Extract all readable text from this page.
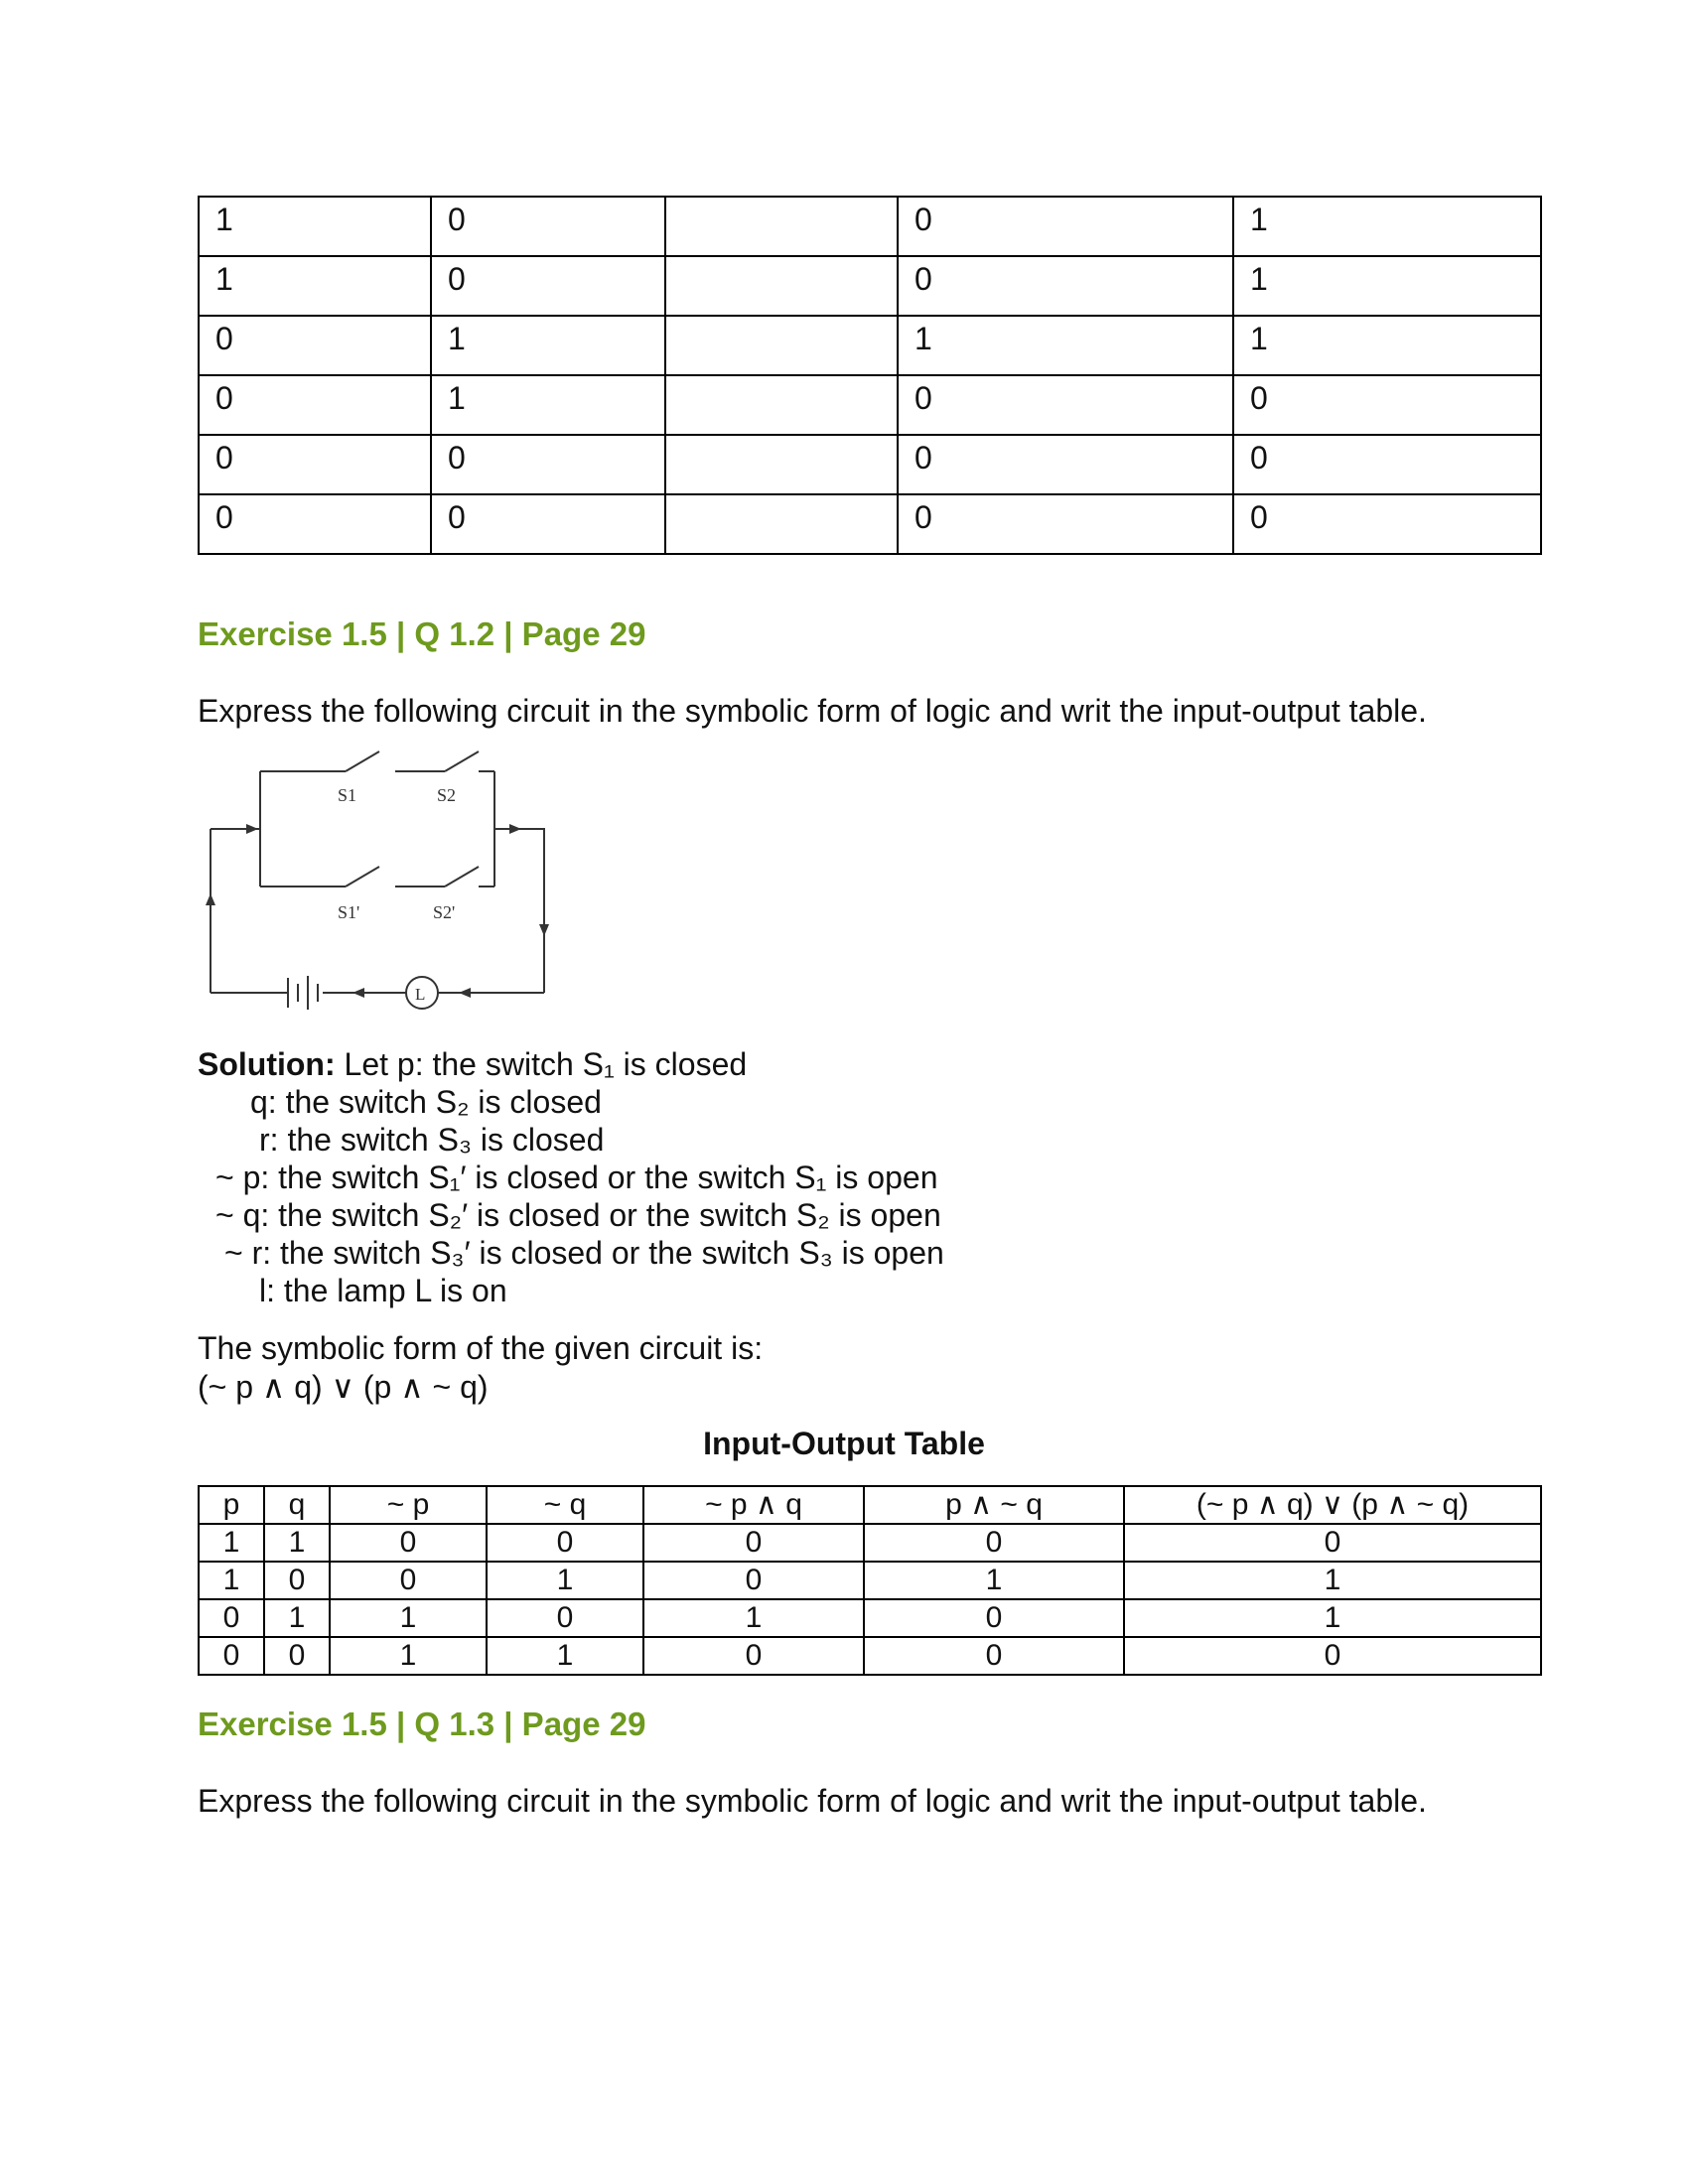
1	0		0	1
1	0		0	1
0	1		1	1
0	1		0	0
0	0		0	0
0	0		0	0
Exercise 1.5 | Q 1.2 | Page 29
Express the following circuit in the symbolic form of logic and writ the input-output table.
S1	S2
S1'	S2'
L
Solution: Let p: the switch S₁ is closed
q: the switch S₂ is closed
r: the switch S₃ is closed
~ p: the switch S₁′ is closed or the switch S₁ is open
~ q: the switch S₂′ is closed or the switch S₂ is open
~ r: the switch S₃′ is closed or the switch S₃ is open
l: the lamp L is on
The symbolic form of the given circuit is:
(~ p ∧ q) ∨ (p ∧ ~ q)
Input-Output Table
p	q	~ p	~ q	~ p ∧ q	p ∧ ~ q	(~ p ∧ q) ∨ (p ∧ ~ q)
1	1	0	0	0	0	0
1	0	0	1	0	1	1
0	1	1	0	1	0	1
0	0	1	1	0	0	0
Exercise 1.5 | Q 1.3 | Page 29
Express the following circuit in the symbolic form of logic and writ the input-output table.
